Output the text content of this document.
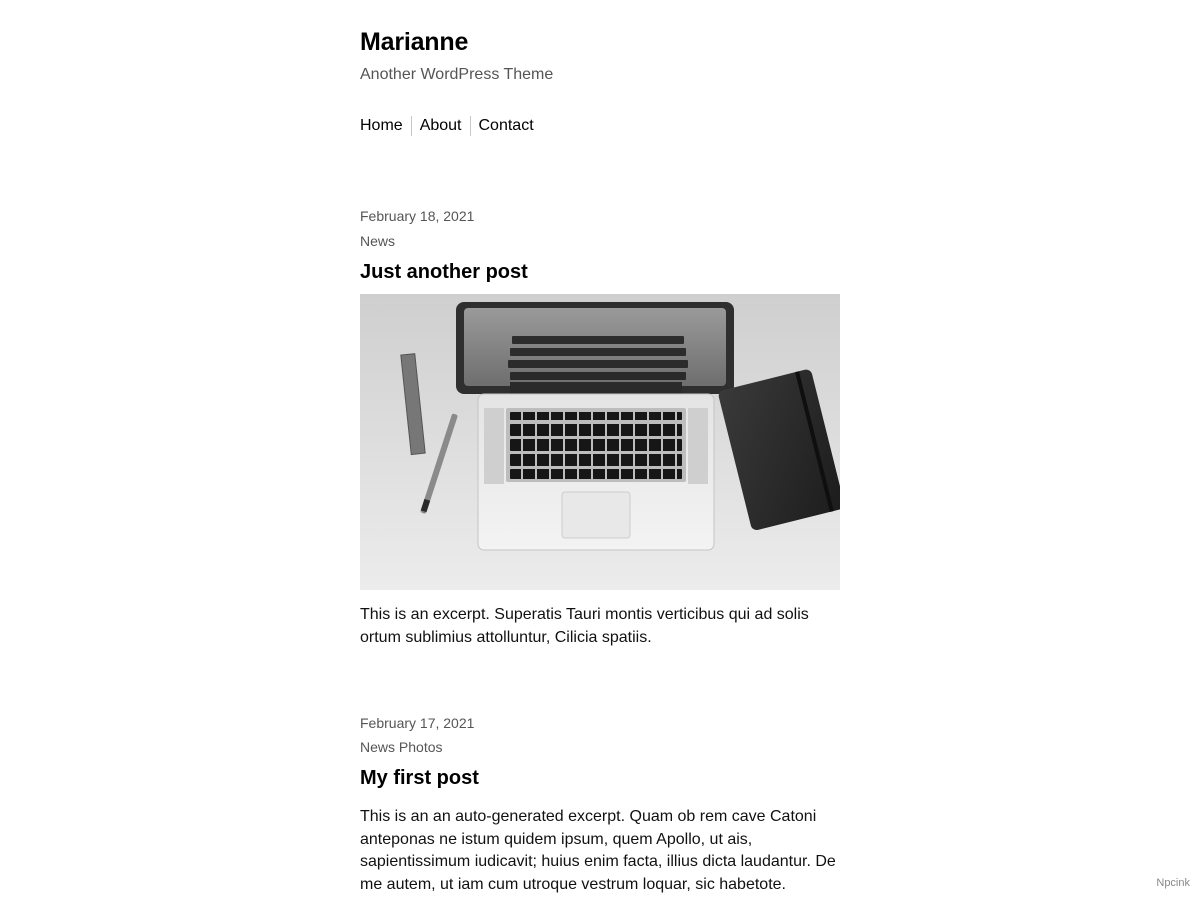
Marianne

Another WordPress Theme

Home About Contact

February 18, 2021

News

Just another post

This is an excerpt. Superatis Tauri montis verticibus qui ad solis ortum sublimius attolluntur, Cilicia spatiis.

February 17, 2021

News Photos

My first post

This is an an auto-generated excerpt. Quam ob rem cave Catoni anteponas ne istum quidem ipsum, quem Apollo, ut ais, sapientissimum iudicavit; huius enim facta, illius dicta laudantur. De me autem, ut iam cum utroque vestrum loquar, sic habetote.	Npcink
